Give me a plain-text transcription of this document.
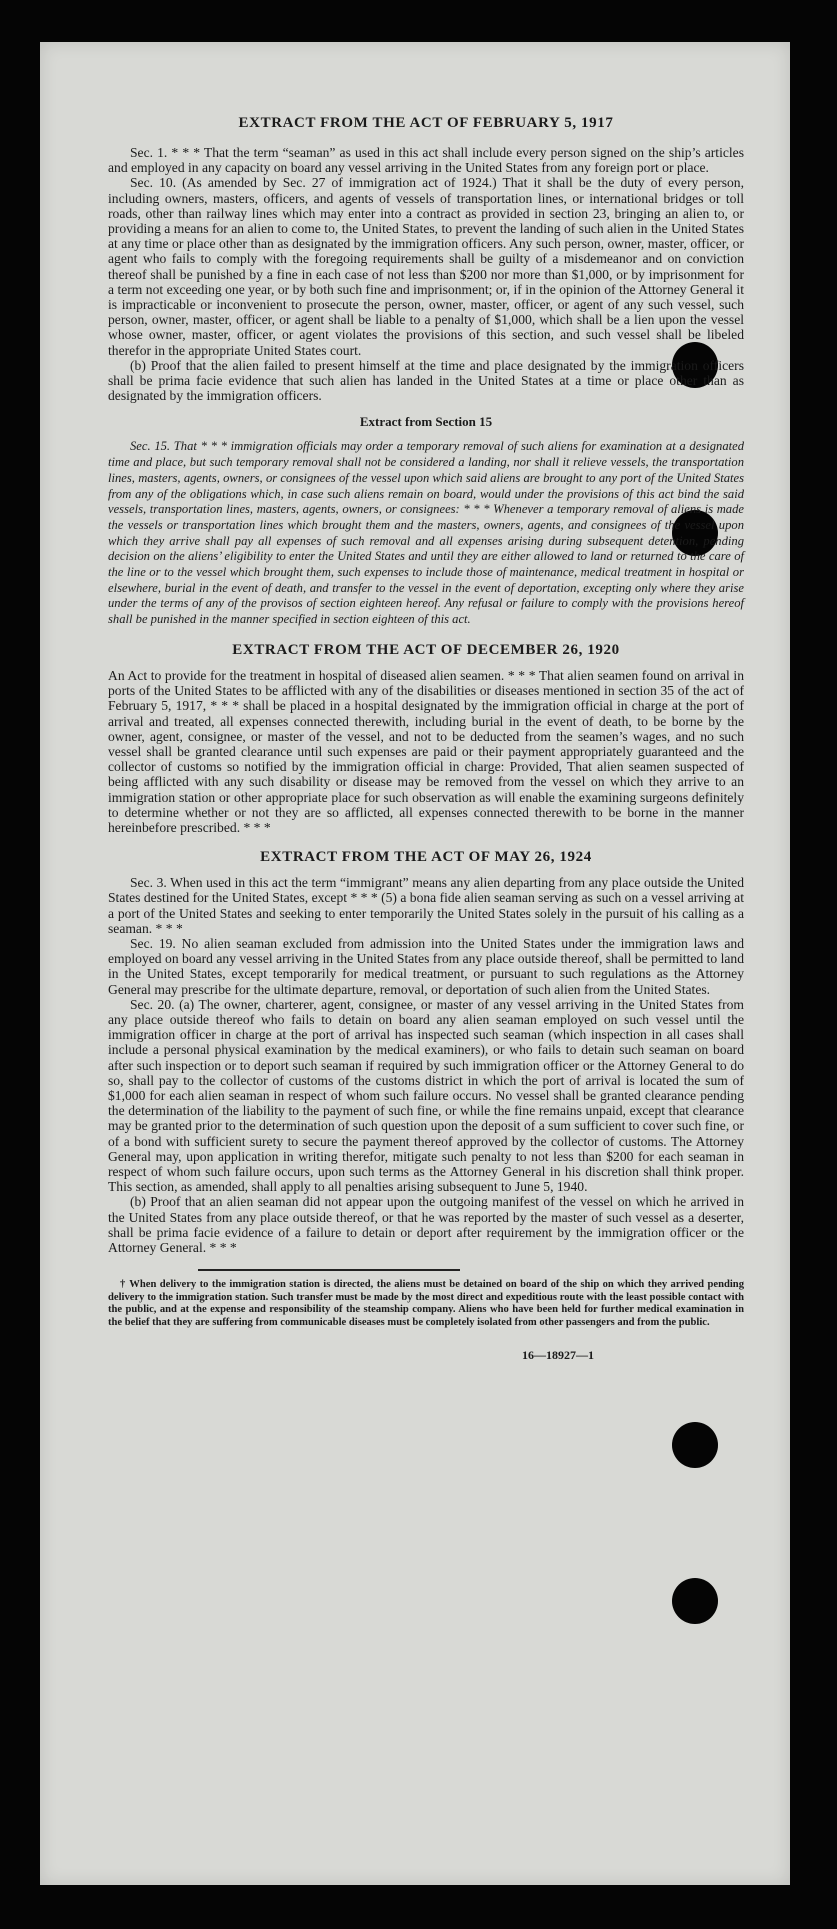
EXTRACT FROM THE ACT OF FEBRUARY 5, 1917

Sec. 1. * * * That the term “seaman” as used in this act shall include every person signed on the ship’s articles and employed in any capacity on board any vessel arriving in the United States from any foreign port or place.

Sec. 10. (As amended by Sec. 27 of immigration act of 1924.) That it shall be the duty of every person, including owners, masters, officers, and agents of vessels of transportation lines, or international bridges or toll roads, other than railway lines which may enter into a contract as provided in section 23, bringing an alien to, or providing a means for an alien to come to, the United States, to prevent the landing of such alien in the United States at any time or place other than as designated by the immigration officers. Any such person, owner, master, officer, or agent who fails to comply with the foregoing requirements shall be guilty of a misdemeanor and on conviction thereof shall be punished by a fine in each case of not less than $200 nor more than $1,000, or by imprisonment for a term not exceeding one year, or by both such fine and imprisonment; or, if in the opinion of the Attorney General it is impracticable or inconvenient to prosecute the person, owner, master, officer, or agent of any such vessel, such person, owner, master, officer, or agent shall be liable to a penalty of $1,000, which shall be a lien upon the vessel whose owner, master, officer, or agent violates the provisions of this section, and such vessel shall be libeled therefor in the appropriate United States court.

(b) Proof that the alien failed to present himself at the time and place designated by the immigration officers shall be prima facie evidence that such alien has landed in the United States at a time or place other than as designated by the immigration officers.

Extract from Section 15

Sec. 15. That * * * immigration officials may order a temporary removal of such aliens for examination at a designated time and place, but such temporary removal shall not be considered a landing, nor shall it relieve vessels, the transportation lines, masters, agents, owners, or consignees of the vessel upon which said aliens are brought to any port of the United States from any of the obligations which, in case such aliens remain on board, would under the provisions of this act bind the said vessels, transportation lines, masters, agents, owners, or consignees: * * * Whenever a temporary removal of aliens is made the vessels or transportation lines which brought them and the masters, owners, agents, and consignees of the vessel upon which they arrive shall pay all expenses of such removal and all expenses arising during subsequent detention, pending decision on the aliens’ eligibility to enter the United States and until they are either allowed to land or returned to the care of the line or to the vessel which brought them, such expenses to include those of maintenance, medical treatment in hospital or elsewhere, burial in the event of death, and transfer to the vessel in the event of deportation, excepting only where they arise under the terms of any of the provisos of section eighteen hereof. Any refusal or failure to comply with the provisions hereof shall be punished in the manner specified in section eighteen of this act.

EXTRACT FROM THE ACT OF DECEMBER 26, 1920

An Act to provide for the treatment in hospital of diseased alien seamen. * * * That alien seamen found on arrival in ports of the United States to be afflicted with any of the disabilities or diseases mentioned in section 35 of the act of February 5, 1917, * * * shall be placed in a hospital designated by the immigration official in charge at the port of arrival and treated, all expenses connected therewith, including burial in the event of death, to be borne by the owner, agent, consignee, or master of the vessel, and not to be deducted from the seamen’s wages, and no such vessel shall be granted clearance until such expenses are paid or their payment appropriately guaranteed and the collector of customs so notified by the immigration official in charge: Provided, That alien seamen suspected of being afflicted with any such disability or disease may be removed from the vessel on which they arrive to an immigration station or other appropriate place for such observation as will enable the examining surgeons definitely to determine whether or not they are so afflicted, all expenses connected therewith to be borne in the manner hereinbefore prescribed. * * *

EXTRACT FROM THE ACT OF MAY 26, 1924

Sec. 3. When used in this act the term “immigrant” means any alien departing from any place outside the United States destined for the United States, except * * * (5) a bona fide alien seaman serving as such on a vessel arriving at a port of the United States and seeking to enter temporarily the United States solely in the pursuit of his calling as a seaman. * * *

Sec. 19. No alien seaman excluded from admission into the United States under the immigration laws and employed on board any vessel arriving in the United States from any place outside thereof, shall be permitted to land in the United States, except temporarily for medical treatment, or pursuant to such regulations as the Attorney General may prescribe for the ultimate departure, removal, or deportation of such alien from the United States.

Sec. 20. (a) The owner, charterer, agent, consignee, or master of any vessel arriving in the United States from any place outside thereof who fails to detain on board any alien seaman employed on such vessel until the immigration officer in charge at the port of arrival has inspected such seaman (which inspection in all cases shall include a personal physical examination by the medical examiners), or who fails to detain such seaman on board after such inspection or to deport such seaman if required by such immigration officer or the Attorney General to do so, shall pay to the collector of customs of the customs district in which the port of arrival is located the sum of $1,000 for each alien seaman in respect of whom such failure occurs. No vessel shall be granted clearance pending the determination of the liability to the payment of such fine, or while the fine remains unpaid, except that clearance may be granted prior to the determination of such question upon the deposit of a sum sufficient to cover such fine, or of a bond with sufficient surety to secure the payment thereof approved by the collector of customs. The Attorney General may, upon application in writing therefor, mitigate such penalty to not less than $200 for each seaman in respect of whom such failure occurs, upon such terms as the Attorney General in his discretion shall think proper. This section, as amended, shall apply to all penalties arising subsequent to June 5, 1940.

(b) Proof that an alien seaman did not appear upon the outgoing manifest of the vessel on which he arrived in the United States from any place outside thereof, or that he was reported by the master of such vessel as a deserter, shall be prima facie evidence of a failure to detain or deport after requirement by the immigration officer or the Attorney General. * * *

† When delivery to the immigration station is directed, the aliens must be detained on board of the ship on which they arrived pending delivery to the immigration station. Such transfer must be made by the most direct and expeditious route with the least possible contact with the public, and at the expense and responsibility of the steamship company. Aliens who have been held for further medical examination in the belief that they are suffering from communicable diseases must be completely isolated from other passengers and from the public.

16—18927—1
